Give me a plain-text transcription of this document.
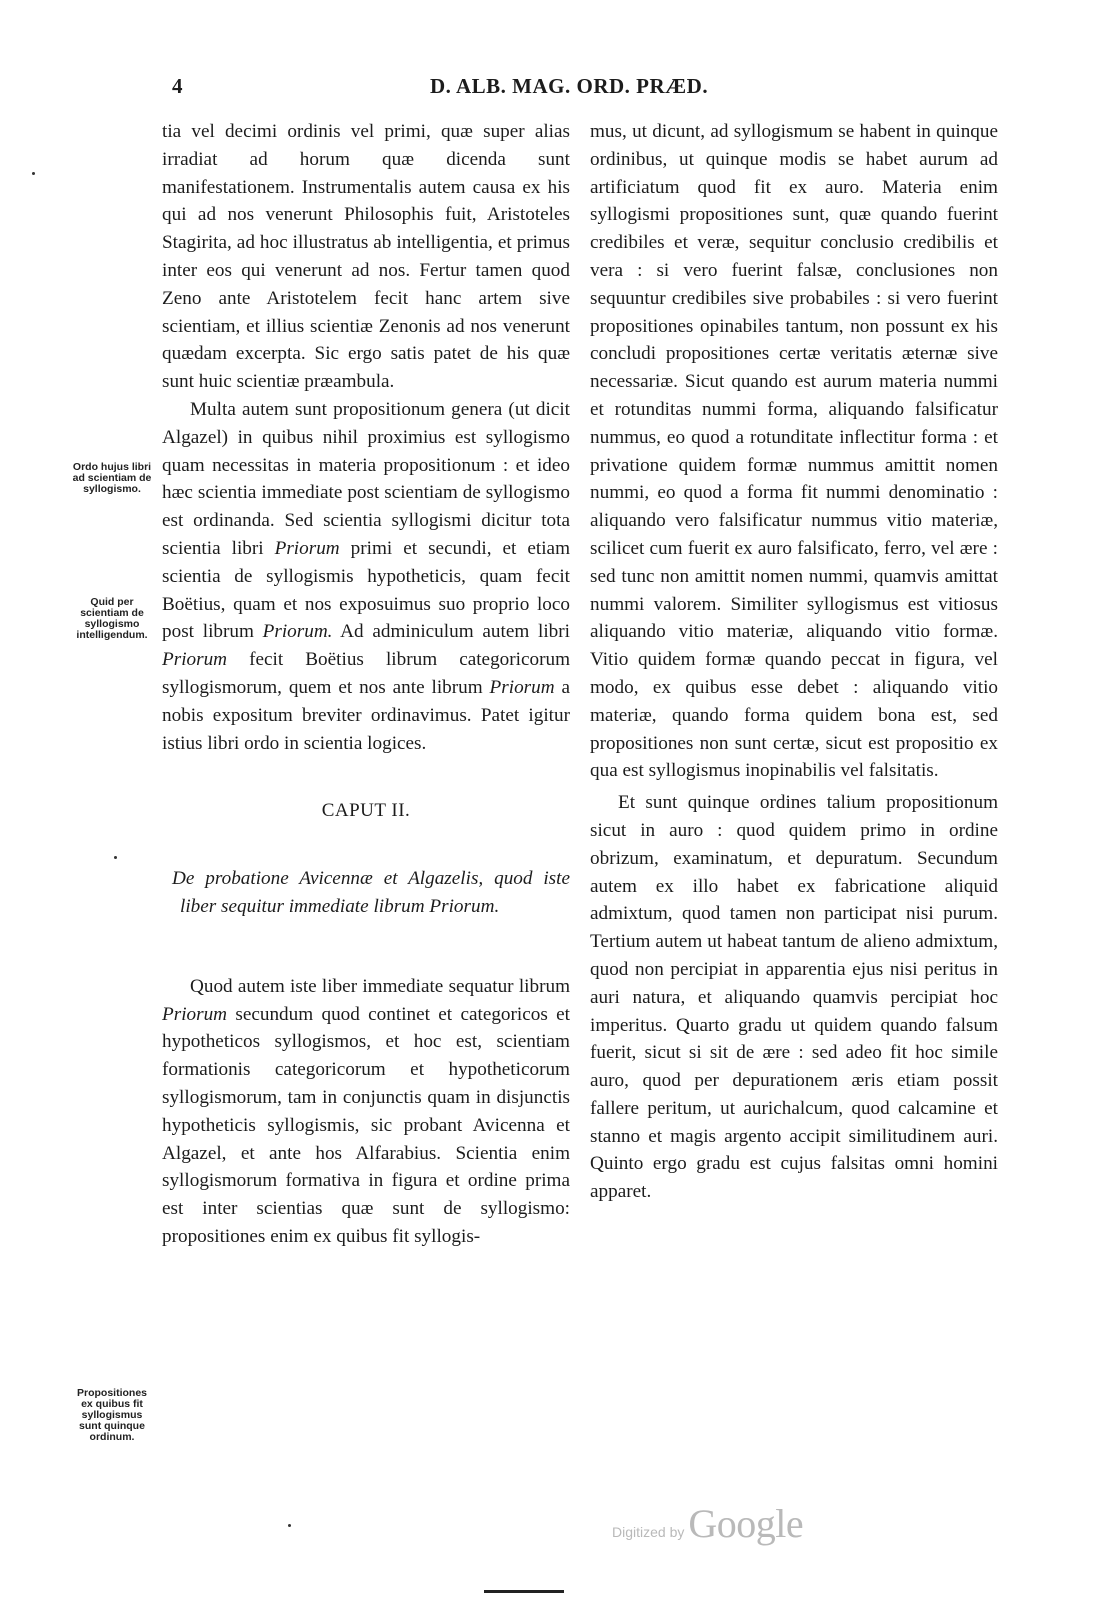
4	D. ALB. MAG. ORD. PRÆD.

tia vel decimi ordinis vel primi, quæ super alias irradiat ad horum quæ dicenda sunt manifestationem. Instrumentalis autem causa ex his qui ad nos venerunt Philosophis fuit, Aristoteles Stagirita, ad hoc illustratus ab intelligentia, et primus inter eos qui venerunt ad nos. Fertur tamen quod Zeno ante Aristotelem fecit hanc artem sive scientiam, et illius scientiæ Zenonis ad nos venerunt quædam excerpta. Sic ergo satis patet de his quæ sunt huic scientiæ præambula.

Multa autem sunt propositionum genera (ut dicit Algazel) in quibus nihil proximius est syllogismo quam necessitas in materia propositionum : et ideo hæc scientia immediate post scientiam de syllogismo est ordinanda. Sed scientia syllogismi dicitur tota scientia libri Priorum primi et secundi, et etiam scientia de syllogismis hypotheticis, quam fecit Boëtius, quam et nos exposuimus suo proprio loco post librum Priorum. Ad adminiculum autem libri Priorum fecit Boëtius librum categoricorum syllogismorum, quem et nos ante librum Priorum a nobis expositum breviter ordinavimus. Patet igitur istius libri ordo in scientia logices.

CAPUT II.

De probatione Avicennæ et Algazelis, quod iste liber sequitur immediate librum Priorum.

Quod autem iste liber immediate sequatur librum Priorum secundum quod continet et categoricos et hypotheticos syllogismos, et hoc est, scientiam formationis categoricorum et hypotheticorum syllogismorum, tam in conjunctis quam in disjunctis hypotheticis syllogismis, sic probant Avicenna et Algazel, et ante hos Alfarabius. Scientia enim syllogismorum formativa in figura et ordine prima est inter scientias quæ sunt de syllogismo: propositiones enim ex quibus fit syllogis-

mus, ut dicunt, ad syllogismum se habent in quinque ordinibus, ut quinque modis se habet aurum ad artificiatum quod fit ex auro. Materia enim syllogismi propositiones sunt, quæ quando fuerint credibiles et veræ, sequitur conclusio credibilis et vera : si vero fuerint falsæ, conclusiones non sequuntur credibiles sive probabiles : si vero fuerint propositiones opinabiles tantum, non possunt ex his concludi propositiones certæ veritatis æternæ sive necessariæ. Sicut quando est aurum materia nummi et rotunditas nummi forma, aliquando falsificatur nummus, eo quod a rotunditate inflectitur forma : et privatione quidem formæ nummus amittit nomen nummi, eo quod a forma fit nummi denominatio : aliquando vero falsificatur nummus vitio materiæ, scilicet cum fuerit ex auro falsificato, ferro, vel ære : sed tunc non amittit nomen nummi, quamvis amittat nummi valorem. Similiter syllogismus est vitiosus aliquando vitio materiæ, aliquando vitio formæ. Vitio quidem formæ quando peccat in figura, vel modo, ex quibus esse debet : aliquando vitio materiæ, quando forma quidem bona est, sed propositiones non sunt certæ, sicut est propositio ex qua est syllogismus inopinabilis vel falsitatis.

Et sunt quinque ordines talium propositionum sicut in auro : quod quidem primo in ordine obrizum, examinatum, et depuratum. Secundum autem ex illo habet ex fabricatione aliquid admixtum, quod tamen non participat nisi purum. Tertium autem ut habeat tantum de alieno admixtum, quod non percipiat in apparentia ejus nisi peritus in auri natura, et aliquando quamvis percipiat hoc imperitus. Quarto gradu ut quidem quando falsum fuerit, sicut si sit de ære : sed adeo fit hoc simile auro, quod per depurationem æris etiam possit fallere peritum, ut aurichalcum, quod calcamine et stanno et magis argento accipit similitudinem auri. Quinto ergo gradu est cujus falsitas omni homini apparet.

Ordo hujus libri ad scientiam de syllogismo.
Quid per scientiam de syllogismo intelligendum.
Propositiones ex quibus fit syllogismus sunt quinque ordinum.
Digitized by Google
